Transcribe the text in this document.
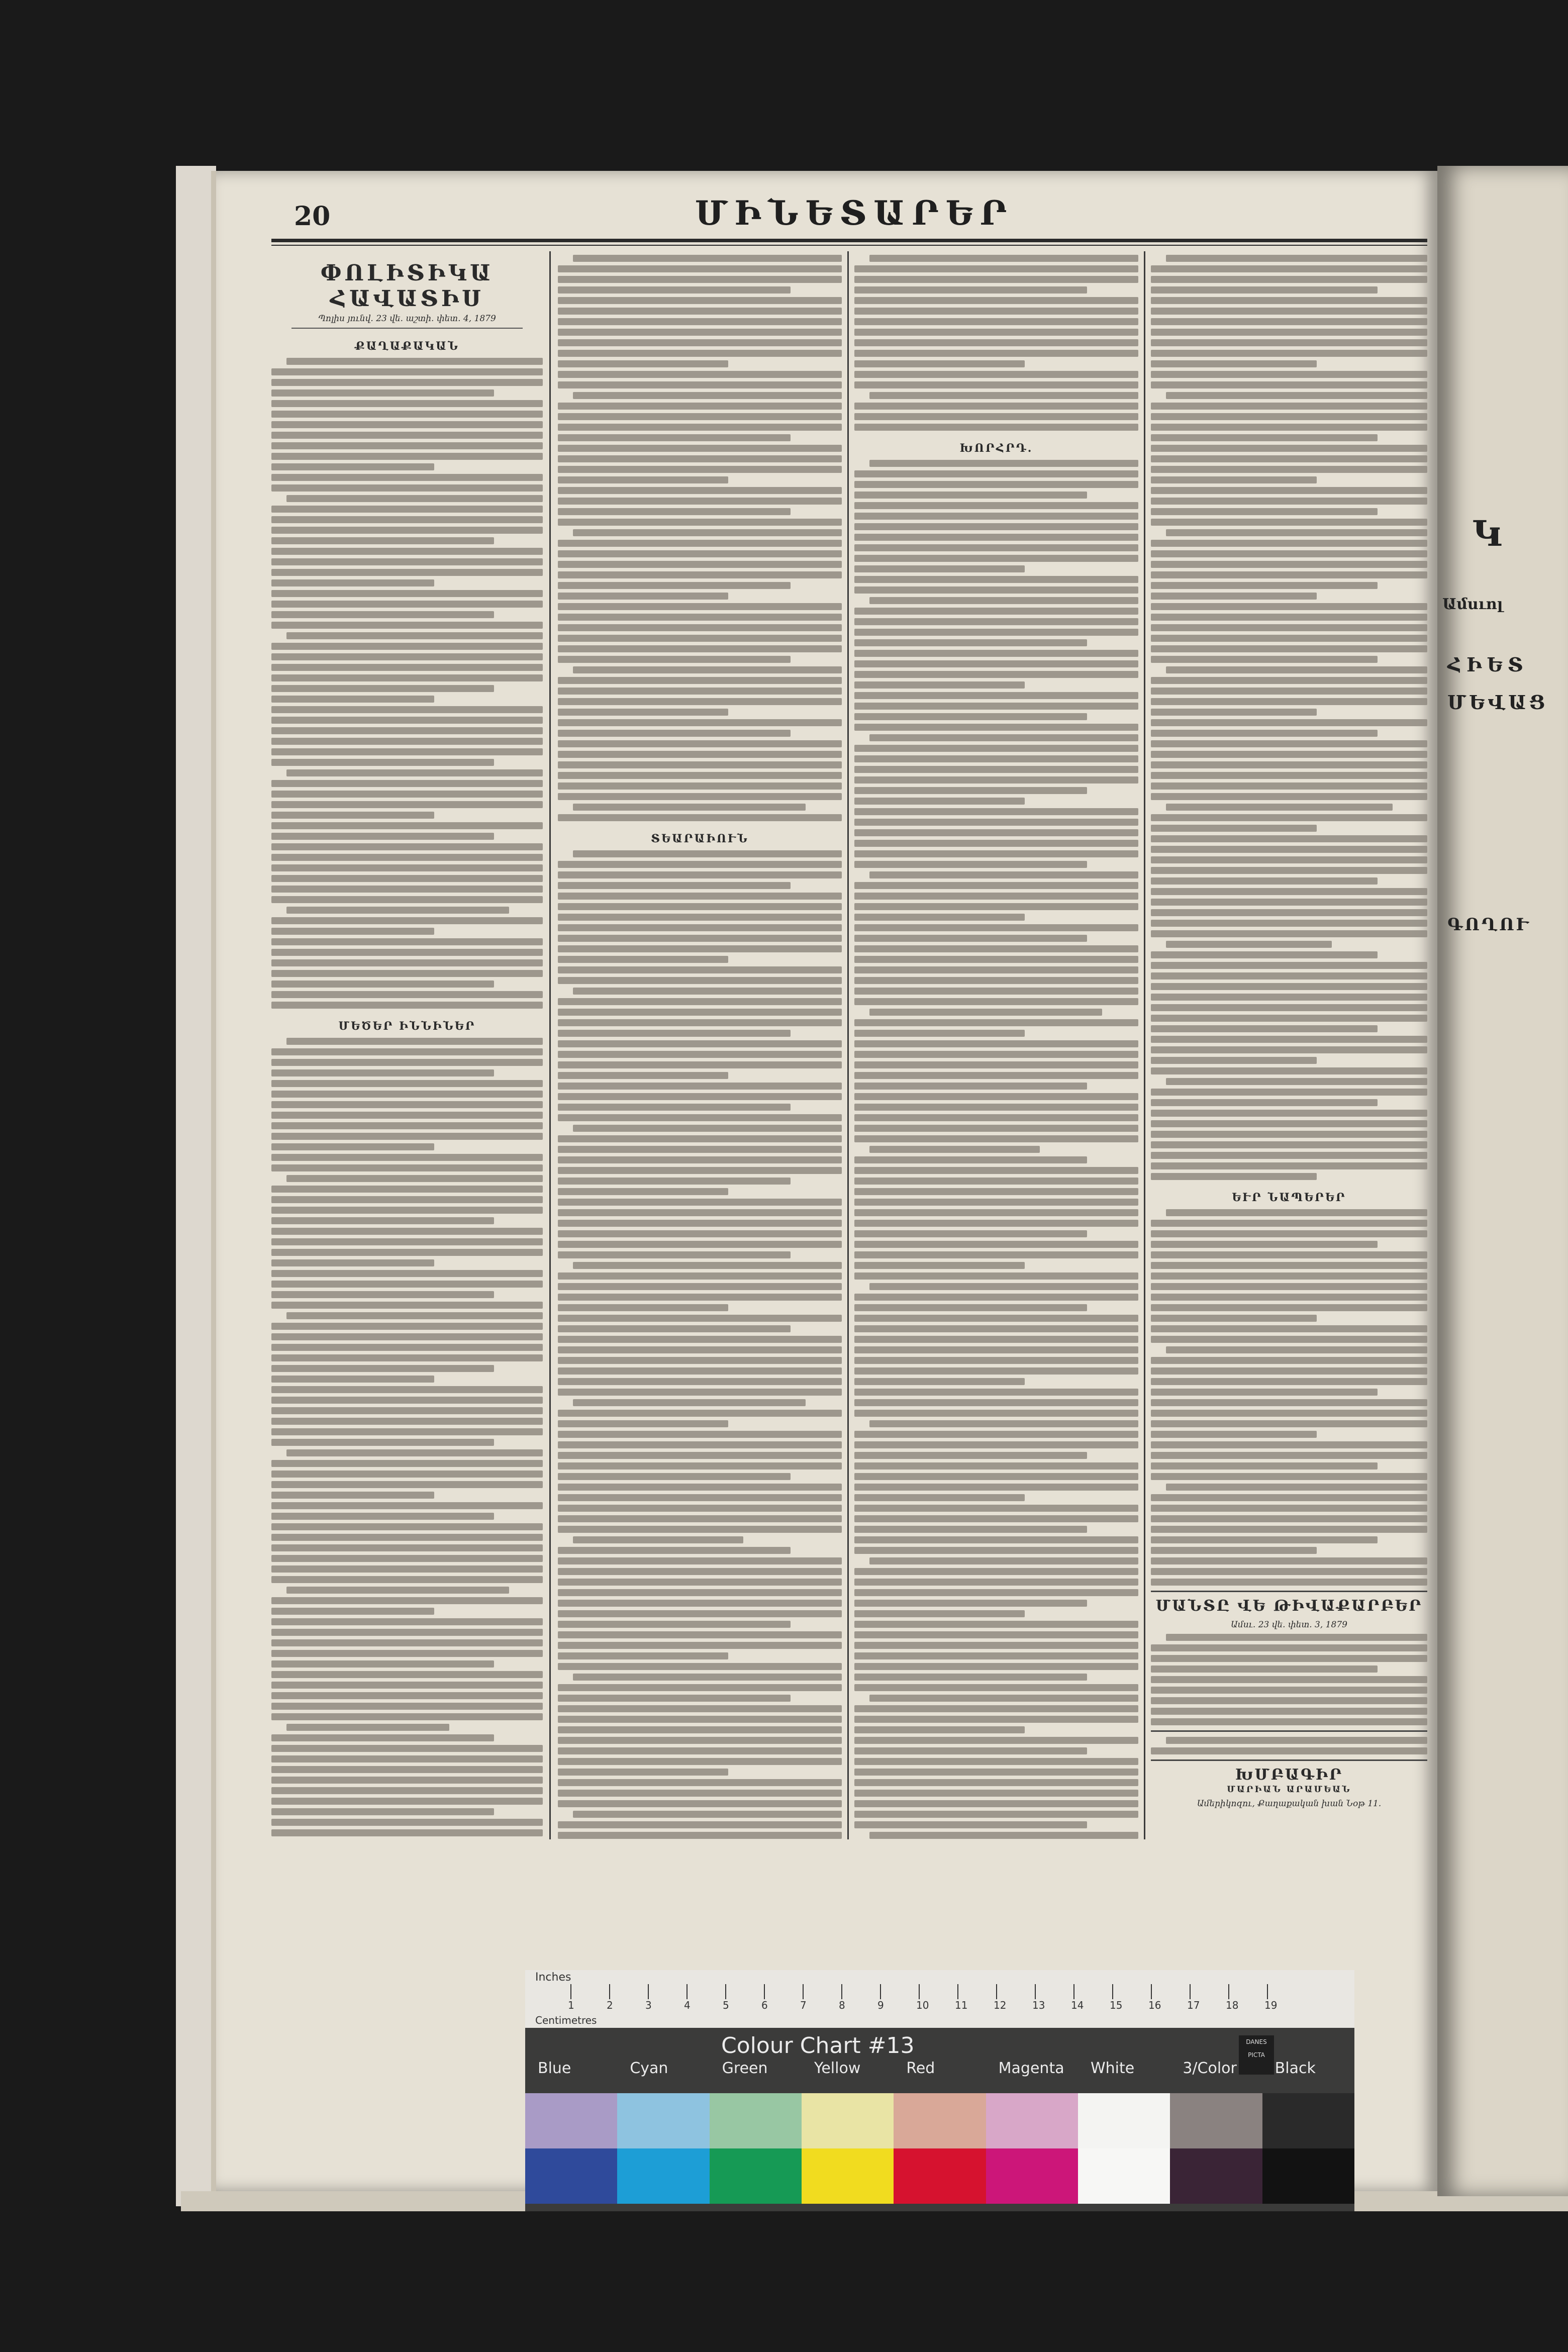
Կ
Ամսւոլ
ՀԻԵՏ
ՄԵՎԱՑ
ԳՈՂՈՒ
20	ՄԻՆԵՏԱՐԵՐ
ՓՈԼԻՏԻԿԱ ՀԱՎԱՏԻՍ
Պոլիս յունվ. 23 վե. աշտի. փետ. 4, 1879
ՔԱՂԱՔԱԿԱՆ
ՄԵԾԵՐ ԻՆՆԻՆԵՐ
ՏԵԱՐԱԻՈՒՆ
ԽՈՐՀՐԴ.
ԵՒՐ ՆԱՊԵՐԵՐ
ՄԱՆՏԸ ՎԵ ԹԻՎԱՔԱՐԲԵՐ
Ամսւ. 23 վե. փետ. 3, 1879
ԽՄԲԱԳԻՐ
ՄԱՐԻԱՆ ԱՐԱՄԵԱՆ
Ամերիկոզու, Քաղաքական խան Նօթ 11.
Inches
Centimetres
1	2	3	4	5	6	7	8	9	10	11	12	13	14	15	16	17	18	19
Colour Chart #13	DANES PICTA
Blue	Cyan	Green	Yellow	Red	Magenta White	3/Color	Black
